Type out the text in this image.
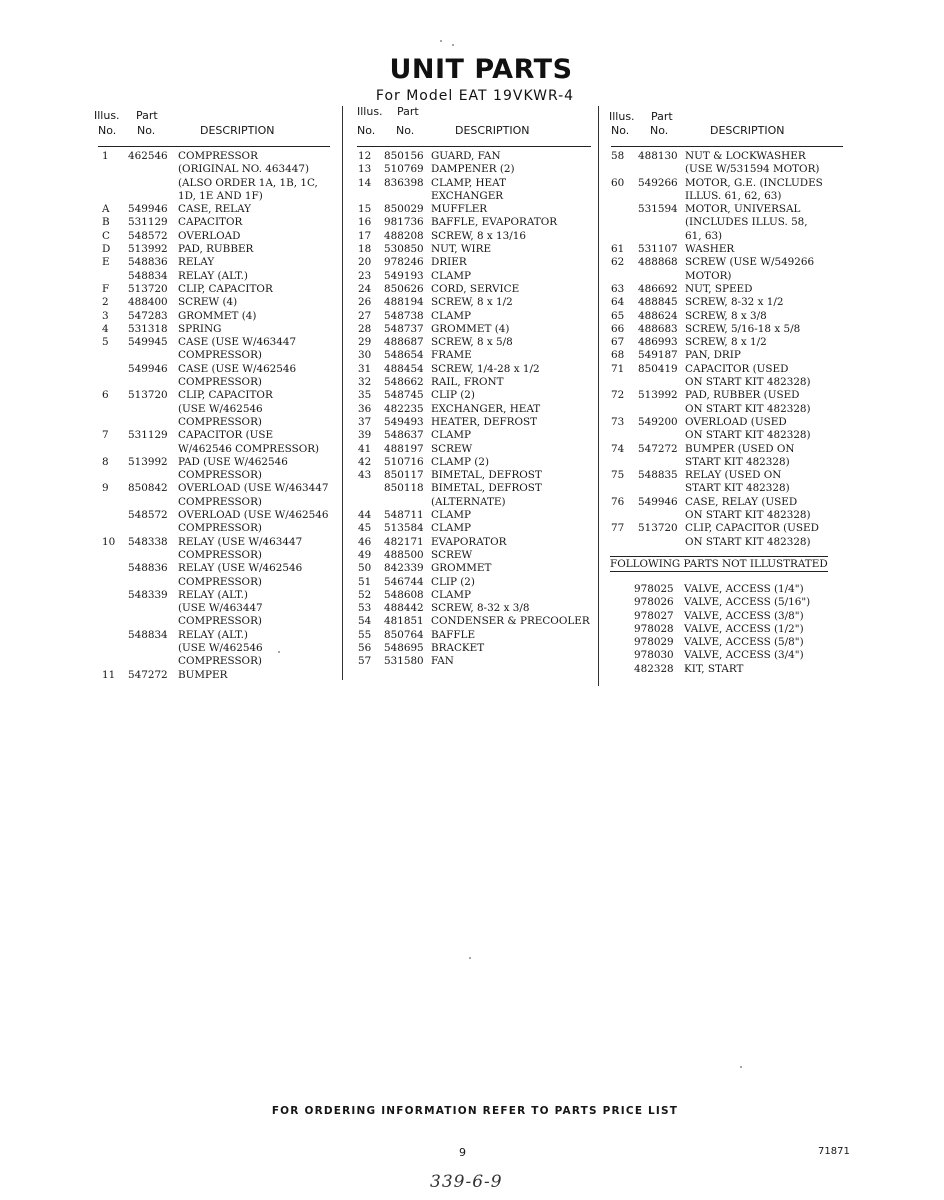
UNIT PARTS
For Model EAT 19VKWR-4
Illus. Part
No. No.	DESCRIPTION
1 462546 COMPRESSOR
(ORIGINAL NO. 463447)
(ALSO ORDER 1A, 1B, 1C,
1D, 1E AND 1F)
A 549946 CASE, RELAY
B 531129 CAPACITOR
C 548572 OVERLOAD
D 513992 PAD, RUBBER
E 548836 RELAY
548834 RELAY (ALT.)
F 513720 CLIP, CAPACITOR
2 488400 SCREW (4)
3 547283 GROMMET (4)
4 531318 SPRING
5 549945 CASE (USE W/463447
COMPRESSOR)
549946 CASE (USE W/462546
COMPRESSOR)
6 513720 CLIP, CAPACITOR
(USE W/462546
COMPRESSOR)
7 531129 CAPACITOR (USE
W/462546 COMPRESSOR)
8 513992 PAD (USE W/462546
COMPRESSOR)
9 850842 OVERLOAD (USE W/463447
COMPRESSOR)
548572 OVERLOAD (USE W/462546
COMPRESSOR)
10 548338 RELAY (USE W/463447
COMPRESSOR)
548836 RELAY (USE W/462546
COMPRESSOR)
548339 RELAY (ALT.)
(USE W/463447
COMPRESSOR)
548834 RELAY (ALT.)
(USE W/462546
COMPRESSOR)
11 547272 BUMPER
Illus. Part
No. No.	DESCRIPTION
12 850156 GUARD, FAN
13 510769 DAMPENER (2)
14 836398 CLAMP, HEAT
EXCHANGER
15 850029 MUFFLER
16 981736 BAFFLE, EVAPORATOR
17 488208 SCREW, 8 x 13/16
18 530850 NUT, WIRE
20 978246 DRIER
23 549193 CLAMP
24 850626 CORD, SERVICE
26 488194 SCREW, 8 x 1/2
27 548738 CLAMP
28 548737 GROMMET (4)
29 488687 SCREW, 8 x 5/8
30 548654 FRAME
31 488454 SCREW, 1/4-28 x 1/2
32 548662 RAIL, FRONT
35 548745 CLIP (2)
36 482235 EXCHANGER, HEAT
37 549493 HEATER, DEFROST
39 548637 CLAMP
41 488197 SCREW
42 510716 CLAMP (2)
43 850117 BIMETAL, DEFROST
850118 BIMETAL, DEFROST
(ALTERNATE)
44 548711 CLAMP
45 513584 CLAMP
46 482171 EVAPORATOR
49 488500 SCREW
50 842339 GROMMET
51 546744 CLIP (2)
52 548608 CLAMP
53 488442 SCREW, 8-32 x 3/8
54 481851 CONDENSER & PRECOOLER
55 850764 BAFFLE
56 548695 BRACKET
57 531580 FAN
Illus. Part
No. No.	DESCRIPTION
58 488130 NUT & LOCKWASHER
(USE W/531594 MOTOR)
60 549266 MOTOR, G.E. (INCLUDES
ILLUS. 61, 62, 63)
531594 MOTOR, UNIVERSAL
(INCLUDES ILLUS. 58,
61, 63)
61 531107 WASHER
62 488868 SCREW (USE W/549266
MOTOR)
63 486692 NUT, SPEED
64 488845 SCREW, 8-32 x 1/2
65 488624 SCREW, 8 x 3/8
66 488683 SCREW, 5/16-18 x 5/8
67 486993 SCREW, 8 x 1/2
68 549187 PAN, DRIP
71 850419 CAPACITOR (USED
ON START KIT 482328)
72 513992 PAD, RUBBER (USED
ON START KIT 482328)
73 549200 OVERLOAD (USED
ON START KIT 482328)
74 547272 BUMPER (USED ON
START KIT 482328)
75 548835 RELAY (USED ON
START KIT 482328)
76 549946 CASE, RELAY (USED
ON START KIT 482328)
77 513720 CLIP, CAPACITOR (USED
ON START KIT 482328)
FOLLOWING PARTS NOT ILLUSTRATED
978025 VALVE, ACCESS (1/4")
978026 VALVE, ACCESS (5/16")
978027 VALVE, ACCESS (3/8")
978028 VALVE, ACCESS (1/2")
978029 VALVE, ACCESS (5/8")
978030 VALVE, ACCESS (3/4")
482328 KIT, START
FOR ORDERING INFORMATION REFER TO PARTS PRICE LIST
9	71871
339-6-9
